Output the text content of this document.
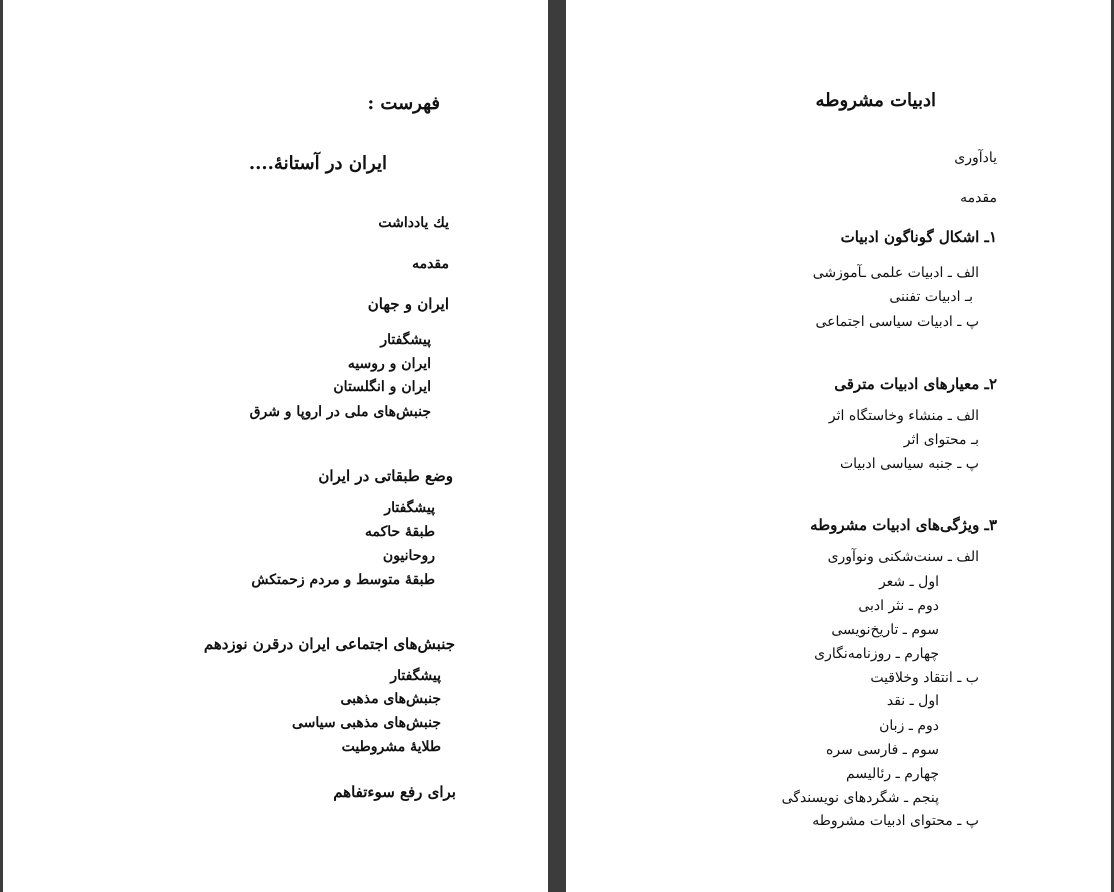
فهرست :
ایران در آستانهٔ....
یك یادداشت
مقدمه
ایران و جهان
پیشگفتار
ایران و روسیه
ایران و انگلستان
جنبش‌های ملی در اروپا و شرق
وضع طبقاتی در ایران
پیشگفتار
طبقهٔ حاکمه
روحانیون
طبقهٔ متوسط و مردم زحمتکش
جنبش‌های اجتماعی ایران درقرن نوزدهم
پیشگفتار
جنبش‌های مذهبی
جنبش‌های مذهبی سیاسی
طلایهٔ مشروطیت
برای رفع سوءتفاهم
ادبیات مشروطه
یادآوری
مقدمه
۱ـ اشکال گوناگون ادبیات
الف ـ ادبیات علمی ـآموزشی
بـ ادبیات تفننی
پ ـ ادبیات سیاسی اجتماعی
۲ـ معیارهای ادبیات مترقی
الف ـ منشاء وخاستگاه اثر
بـ محتوای اثر
پ ـ جنبه سیاسی ادبیات
۳ـ ویژگی‌های ادبیات مشروطه
الف ـ سنت‌شکنی ونوآوری
اول ـ شعر
دوم ـ نثر ادبی
سوم ـ تاریخ‌نویسی
چهارم ـ روزنامه‌نگاری
ب ـ انتقاد وخلاقیت
اول ـ نقد
دوم ـ زبان
سوم ـ فارسی سره
چهارم ـ رئالیسم
پنجم ـ شگردهای نویسندگی
پ ـ محتوای ادبیات مشروطه
